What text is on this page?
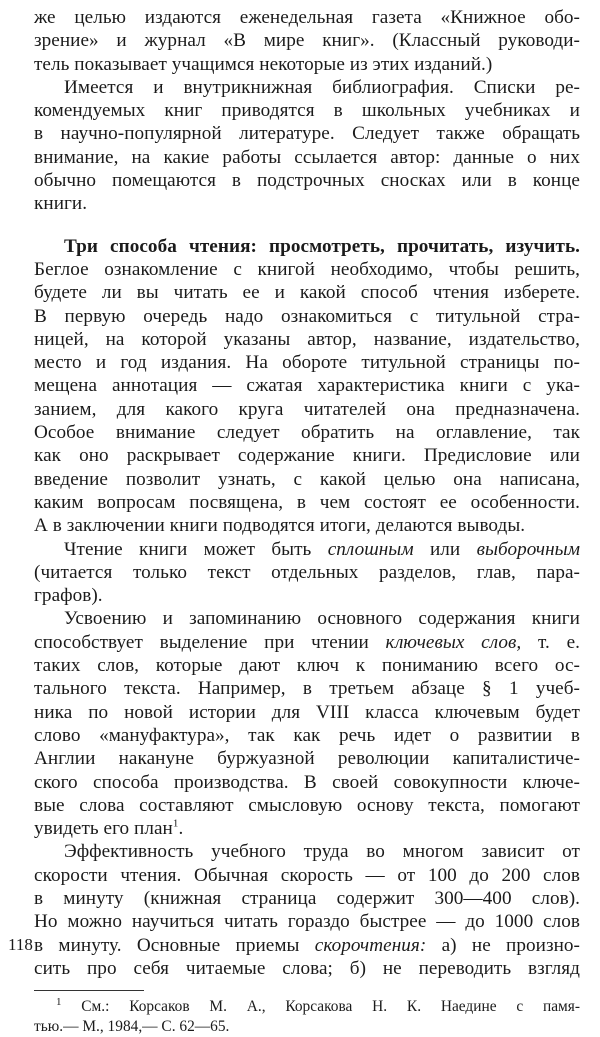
же целью издаются еженедельная газета «Книжное обо-
зрение» и журнал «В мире книг». (Классный руководи-
тель показывает учащимся некоторые из этих изданий.)
Имеется и внутрикнижная библиография. Списки ре-
комендуемых книг приводятся в школьных учебниках и
в научно-популярной литературе. Следует также обращать
внимание, на какие работы ссылается автор: данные о них
обычно помещаются в подстрочных сносках или в конце
книги.
Три способа чтения: просмотреть, прочитать, изучить.
Беглое ознакомление с книгой необходимо, чтобы решить,
будете ли вы читать ее и какой способ чтения изберете.
В первую очередь надо ознакомиться с титульной стра-
ницей, на которой указаны автор, название, издательство,
место и год издания. На обороте титульной страницы по-
мещена аннотация — сжатая характеристика книги с ука-
занием, для какого круга читателей она предназначена.
Особое внимание следует обратить на оглавление, так
как оно раскрывает содержание книги. Предисловие или
введение позволит узнать, с какой целью она написана,
каким вопросам посвящена, в чем состоят ее особенности.
А в заключении книги подводятся итоги, делаются выводы.
Чтение книги может быть сплошным или выборочным
(читается только текст отдельных разделов, глав, пара-
графов).
Усвоению и запоминанию основного содержания книги
способствует выделение при чтении ключевых слов, т. е.
таких слов, которые дают ключ к пониманию всего ос-
тального текста. Например, в третьем абзаце § 1 учеб-
ника по новой истории для VIII класса ключевым будет
слово «мануфактура», так как речь идет о развитии в
Англии накануне буржуазной революции капиталистиче-
ского способа производства. В своей совокупности ключе-
вые слова составляют смысловую основу текста, помогают
увидеть его план$^1$.
Эффективность учебного труда во многом зависит от
скорости чтения. Обычная скорость — от 100 до 200 слов
в минуту (книжная страница содержит 300—400 слов).
Но можно научиться читать гораздо быстрее — до 1000 слов
в минуту. Основные приемы скорочтения: а) не произно-
сить про себя читаемые слова; б) не переводить взгляд
$^1$ См.: Корсаков М. А., Корсакова Н. К. Наедине с памя-
тью.— М., 1984,— С. 62—65.
118
